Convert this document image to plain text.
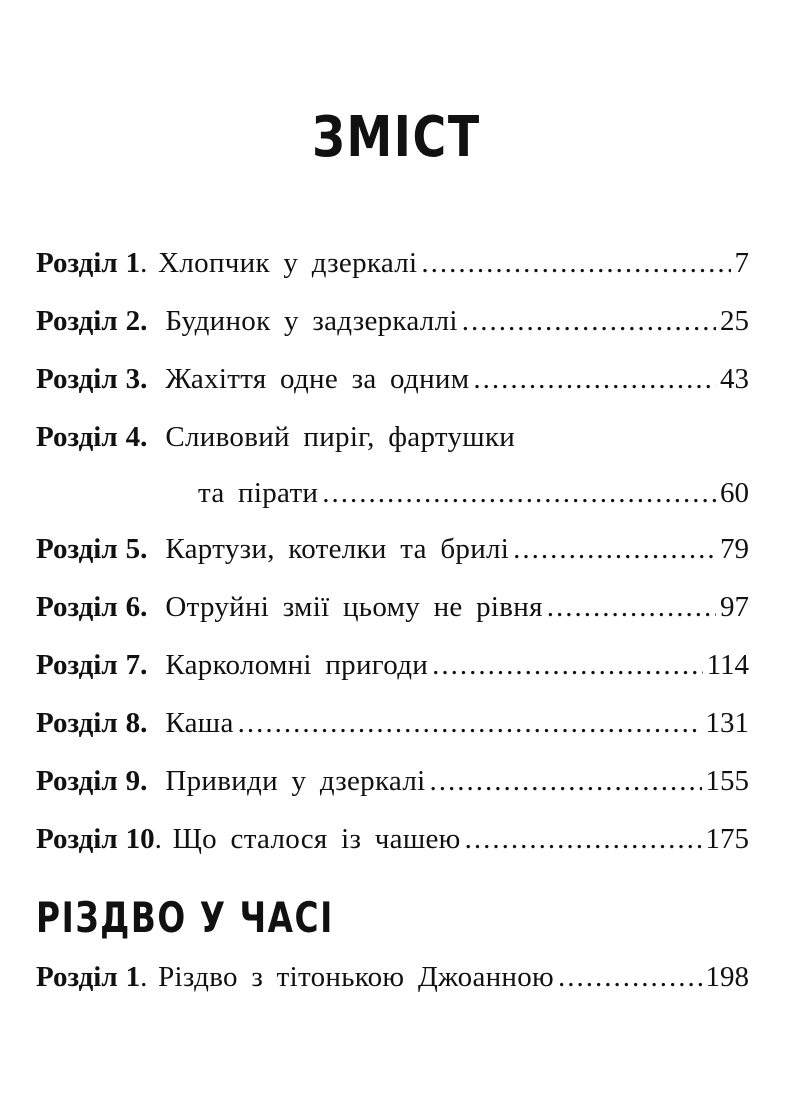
ЗМІСТ
Розділ 1 . Хлопчик у дзеркалі .....	7
Розділ 2. Будинок у задзеркаллі .....	25
Розділ 3. Жахіття одне за одним .....	43
Розділ 4. Сливовий пиріг, фартушки
та пірати .....	60
Розділ 5. Картузи, котелки та брилі .....	79
Розділ 6. Отруйні змії цьому не рівня .....	97
Розділ 7. Карколомні пригоди .....	114
Розділ 8. Каша .....	131
Розділ 9. Привиди у дзеркалі .....	155
Розділ 10 . Що сталося із чашею .....	175
РІЗДВО У ЧАСІ
Розділ 1 . Різдво з тітонькою Джоанною .....	198
